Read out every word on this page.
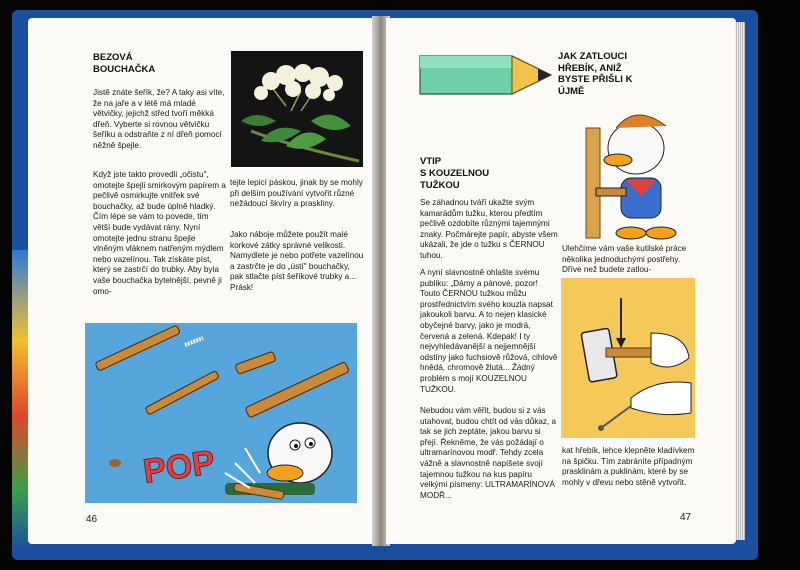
BEZOVÁ

BOUCHAČKA

Jistě znáte šeřík, že? A taky asi víte, že na jaře a v létě má mladé větvičky, jejichž střed tvoří měkká dřeň. Vyberte si rovnou větvičku šeříku a odstraňte z ní dřeň pomocí něžně špejle.

Když jste takto provedli „očistu", omotejte špejli smirkovým papírem a pečlivě osmirkujte vnitřek své bouchačky, až bude úplně hladký. Čím lépe se vám to povede, tím větší bude vydávat rány. Nyní omotejte jednu stranu špejle vlněným vláknem natřeným mýdlem nebo vazelínou. Tak získáte píst, který se zastrčí do trubky. Aby byla vaše bouchačka bytelnější, pevně ji omo-

tejte lepicí páskou, jinak by se mohly při delším používání vytvořit různé nežádoucí škvíry a praskliny.

Jako náboje můžete použít malé korkové zátky správné velikosti. Namydlete je nebo potřete vazelínou a zastrčte je do „ústí" bouchačky, pak stlačte píst šeříkové trubky a... Prásk!

POP
46

JAK ZATLOUCI HŘEBÍK, ANIŽ BYSTE PŘIŠLI K ÚJMĚ

VTIP

S KOUZELNOU

TUŽKOU

Se záhadnou tváří ukažte svým kamarádům tužku, kterou předtím pečlivě ozdobíte různými tajemnými znaky. Počmárejte papír, abyste všem ukázali, že jde o tužku s ČERNOU tuhou.

A nyní slavnostně ohlašte svému publiku: „Dámy a pánové, pozor! Touto ČERNOU tužkou můžu prostřednictvím svého kouzla napsat jakoukoli barvu. A to nejen klasické obyčejné barvy, jako je modrá, červená a zelená. Kdepak! I ty nejvyhledávanější a nejjemnější odstíny jako fuchsiově růžová, cihlově hnědá, chromově žlutá... Žádný problém s mojí KOUZELNOU TUŽKOU.

Nebudou vám věřit, budou si z vás utahovat, budou chtít od vás důkaz, a tak se jich zeptáte, jakou barvu si přejí. Řekněme, že vás požádají o ultramarínovou modř. Tehdy zcela vážně a slavnostně napíšete svojí tajemnou tužkou na kus papíru velkými písmeny: ULTRAMARÍNOVÁ MODŘ...

Ulehčíme vám vaše kutilské práce několika jednoduchými postřehy. Dříve než budete zatlou-

kat hřebík, lehce klepněte kladívkem na špičku. Tím zabráníte případným prasklinám a puklinám, které by se mohly v dřevu nebo stěně vytvořit.

47
